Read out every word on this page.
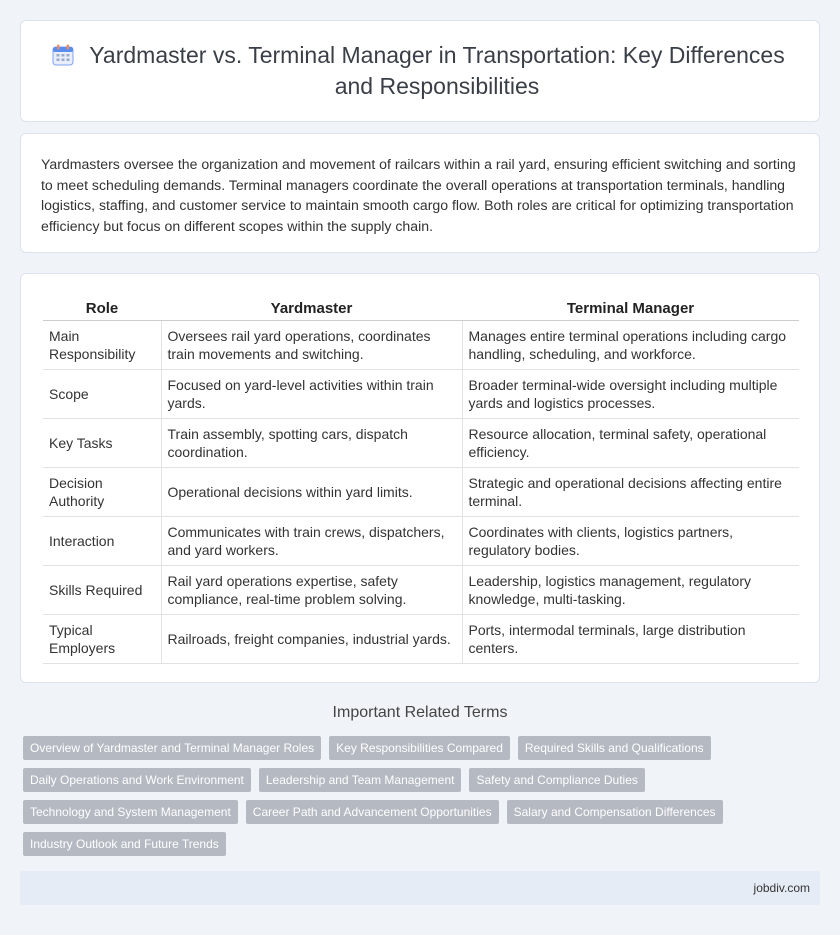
Yardmaster vs. Terminal Manager in Transportation: Key Differences and Responsibilities

Yardmasters oversee the organization and movement of railcars within a rail yard, ensuring efficient switching and sorting to meet scheduling demands. Terminal managers coordinate the overall operations at transportation terminals, handling logistics, staffing, and customer service to maintain smooth cargo flow. Both roles are critical for optimizing transportation efficiency but focus on different scopes within the supply chain.

Role	Yardmaster	Terminal Manager
Main Responsibility	Oversees rail yard operations, coordinates train movements and switching.	Manages entire terminal operations including cargo handling, scheduling, and workforce.
Scope	Focused on yard-level activities within train yards.	Broader terminal-wide oversight including multiple yards and logistics processes.
Key Tasks	Train assembly, spotting cars, dispatch coordination.	Resource allocation, terminal safety, operational efficiency.
Decision Authority	Operational decisions within yard limits.	Strategic and operational decisions affecting entire terminal.
Interaction	Communicates with train crews, dispatchers, and yard workers.	Coordinates with clients, logistics partners, regulatory bodies.
Skills Required	Rail yard operations expertise, safety compliance, real-time problem solving.	Leadership, logistics management, regulatory knowledge, multi-tasking.
Typical Employers	Railroads, freight companies, industrial yards.	Ports, intermodal terminals, large distribution centers.
Important Related Terms
Overview of Yardmaster and Terminal Manager Roles	Key Responsibilities Compared	Required Skills and Qualifications
Daily Operations and Work Environment	Leadership and Team Management	Safety and Compliance Duties
Technology and System Management	Career Path and Advancement Opportunities	Salary and Compensation Differences
Industry Outlook and Future Trends
jobdiv.com
